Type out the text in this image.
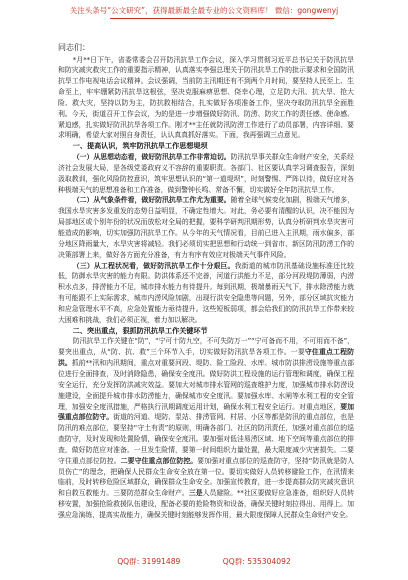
关注头条号“公文研究”，获得最新最全最专业的公文资料库！ 微信：gongwenyj

同志们：

*月**日下午，省委常委会召开防汛抗旱工作会议，深入学习贯彻习近平总书记关于防汛抗旱和防灾减灾救灾工作的重要指示精神，认真落实李强总理关于防汛抗旱工作的批示要求和全国防汛抗旱工作电视电话会议精神。会议强调，当前防主汛期还有不到两个月时间，要坚持人民至上、生命至上，牢牢绷紧防汛抗旱这根弦，坚决克服麻痹思想、侥幸心理，立足防大汛、抗大旱、抢大险、救大灾，坚持以防为主，防抗救相结合，扎实做好各项准备工作，坚决夺取防汛抗旱全面胜利。今天，街道召开工作会议，为的是进一步增强做好防汛、防涝、防灾工作的责任感、使命感、紧迫感，扎实做好防汛抗旱各项工作。刚才**主任就防汛防涝工作进行了动员部署，内容详细、要求明确，希望大家对照自身责任，认认真真抓好落实。下面，我再强调三点意见。

一、提高认识，筑牢防汛抗旱工作思想堤坝

（一）从思想动态看，做好防汛抗旱工作非常迫切。防汛抗旱事关群众生命财产安全，关系经济社会发展大局，是各级党委政府义不容辞的重要职责。各部门、社区要认真学习调查报告，深刻汲取教训，强化风险防控意识，筑牢思想认识的“第一道堤坝”，时刻警惕、严阵以待，做好应对各种极端天气的思想准备和工作准备，做到警钟长鸣、常备不懈，切实做好全年防汛抗旱工作。

（二）从气象条件看，做好防汛抗旱工作尤为重要。随着全球气候变化加剧，极端天气增多，我国水旱灾害多发重发的态势日益明显，不确定性增大。对此，务必要有清醒的认识，决不能因为局部地区或个别年份的状况而放松对全局的把握，要科学研判汛期形势，认真分析研判水旱灾害可能造成的影响，切实加强防汛抗旱工作。从今年的天气情况看，目前已进入主汛期，雨水偏多，部分地区降雨量大，水旱灾害将减轻。我们必须切实把思想和行动统一到省市、新区防汛防涝工作的决策部署上来，做好各方面充分准备，有力有序有效应对极端天气事件风险。

（三）从工程状况看，做好防汛抗旱工作十分艰巨。我街道的城市防汛基础设施标准还比较低，防御水旱灾害的能力有限。防洪体系还不完善，河道行洪能力不足，部分河段堤防薄弱，内涝积水点多，排涝能力不足，城市排水能力有待提升。每到汛期，极端暴雨天气下，排水除涝能力就有可能跟不上实际需求，城市内涝风险加剧，出现行洪安全隐患等问题，另外，部分区域抗灾能力和应急管理水平不高，应急处置能力亟待提升。这些短板弱项，都会给我们的防汛抗旱工作带来较大困难和挑战，我们必须正视，着力加以解决。

二、突出重点，狠抓防汛抗旱工作关键环节

防汛抗旱工作关键在“防”，“宁可十防九空，不可失防万一”“宁可备而不用，不可用而不备”，要突出重点，从“防、抗、救”三个环节入手，切实做好防汛抗旱各项工作。一要守住重点工程防洪。抓前**汛和内汛期间，重点对重要河段、堤防、险工险段、水库、城市防洪排涝设施等重点部位进行全面排查，及时消除隐患，确保安全度汛。做好防洪工程设施的运行管理和调度，确保工程安全运行，充分发挥防洪减灾效益。要加大对城市排水管网的巡查维护力度，加强城市排水防涝设施建设，全面提升城市排水防涝能力，确保城市安全度汛。要加强水库、水闸等水利工程的安全管理，加强安全度汛措施，严格执行汛期调度运用计划，确保水利工程安全运行。对重点地区，要加强重点部位防守。街道的河道、堤防、泵站、排涝管网、村居、小区等都是防汛的重点部位，也是防汛的难点部位，要坚持“守土有责”的原则，明确各部门、社区的防汛责任，加强对重点部位的巡查防守，及时发现和处置险情，确保安全度汛。要加强对低洼易涝区域、地下空间等重点部位的排查，做好防范应对准备。一旦发生险情，要第一时间组织力量处置，最大限度减少灾害损失。二要守住重点部位防控。二要守住重点部位防控。要加强对重点部位的巡查防守，坚持“防汛就是防人员伤亡”的理念，把确保人民群众生命安全放在第一位。要切实做好人员转移避险工作，在汛情来临前，及时转移危险区域群众，确保群众生命安全。加强宣传教育，进一步提高群众防灾减灾意识和自救互救能力。三要防范群众生命财产。三是人员避险。**社区要做好应急准备，组织好人员转移安置，加强抢险救援队伍建设，配备必要的抢险物资和设备，确保关键时刻拉得出、用得上。加强应急演练，提高实战能力，确保关键时刻能够发挥作用，最大限度保障人民群众生命财产安全。

QQ群: 31991489	QQ群: 535304092
